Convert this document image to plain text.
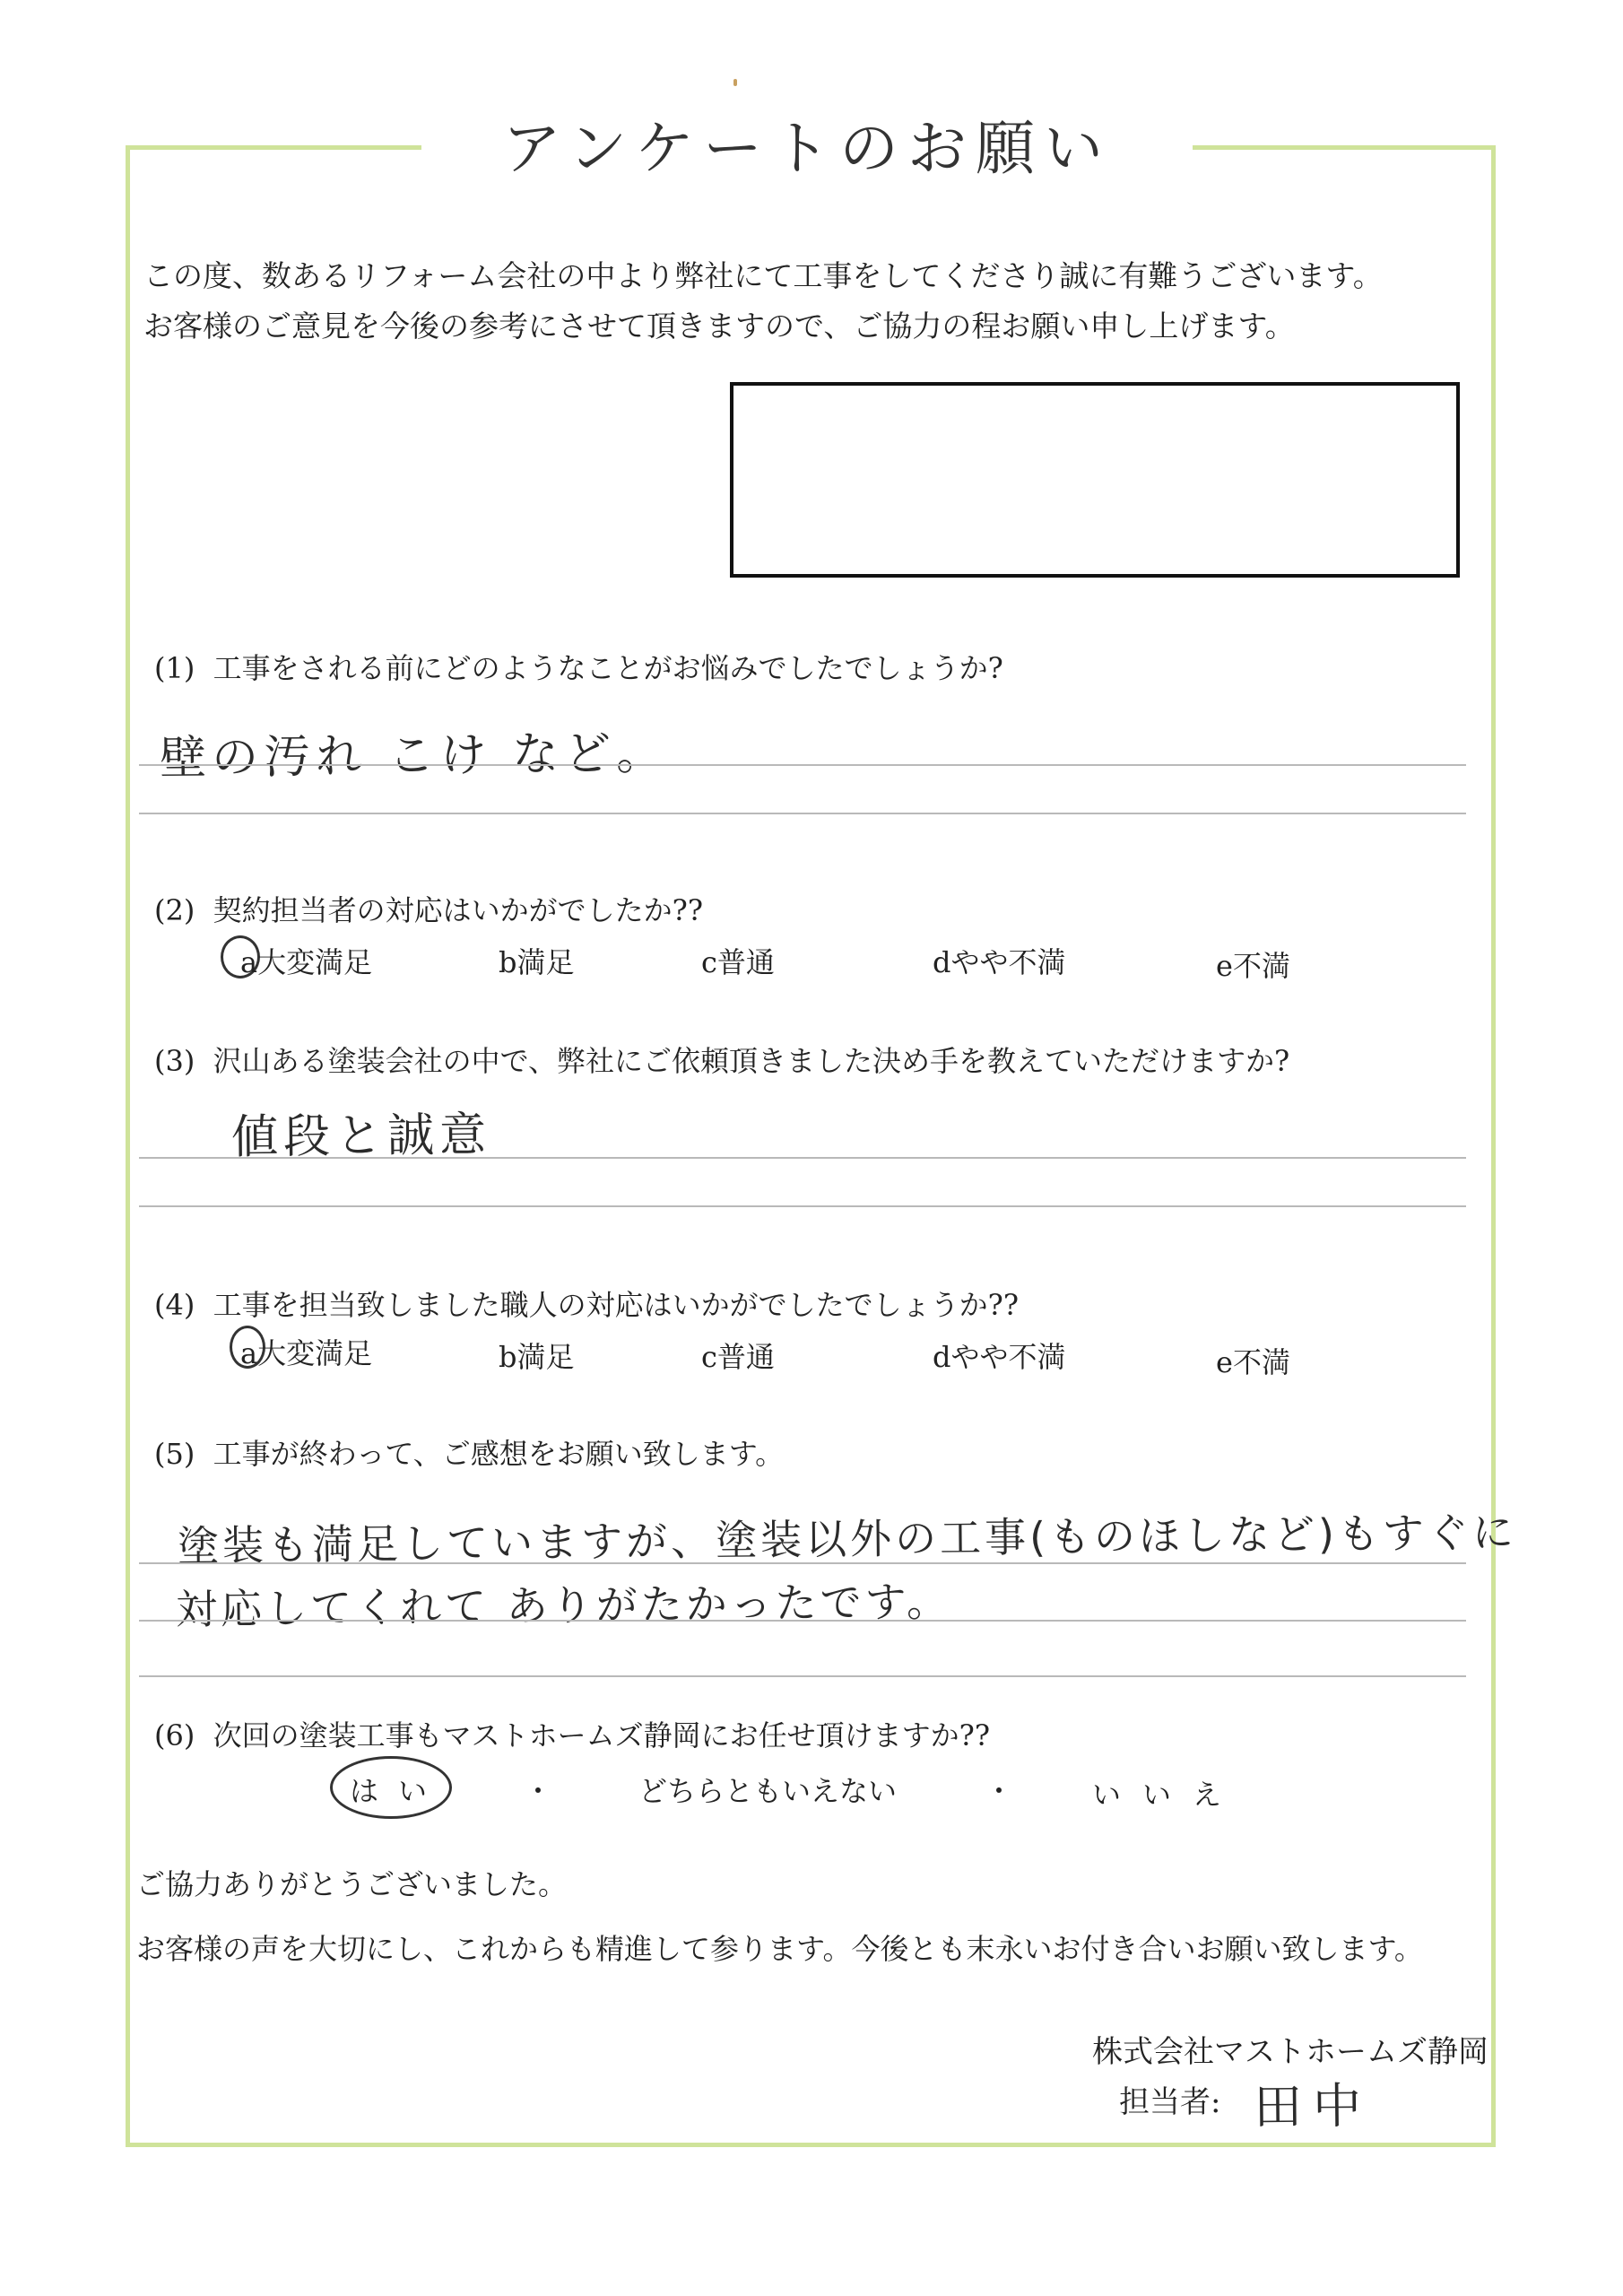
アンケートのお願い
この度、数あるリフォーム会社の中より弊社にて工事をしてくださり誠に有難うございます。
お客様のご意見を今後の参考にさせて頂きますので、ご協力の程お願い申し上げます。
(1) 工事をされる前にどのようなことがお悩みでしたでしょうか?
壁の汚れ こけ など。
(2) 契約担当者の対応はいかがでしたか??
a大変満足	b満足	c普通	dやや不満	e不満
(3) 沢山ある塗装会社の中で、弊社にご依頼頂きました決め手を教えていただけますか?
値段と誠意
(4) 工事を担当致しました職人の対応はいかがでしたでしょうか??
a大変満足	b満足	c普通	dやや不満	e不満
(5) 工事が終わって、ご感想をお願い致します。
塗装も満足していますが、塗装以外の工事(ものほしなど)もすぐに
対応してくれて ありがたかったです。
(6) 次回の塗装工事もマストホームズ静岡にお任せ頂けますか??
はい	・	どちらともいえない	・	いいえ
ご協力ありがとうございました。
お客様の声を大切にし、これからも精進して参ります。今後とも末永いお付き合いお願い致します。
株式会社マストホームズ静岡
担当者: 田中
